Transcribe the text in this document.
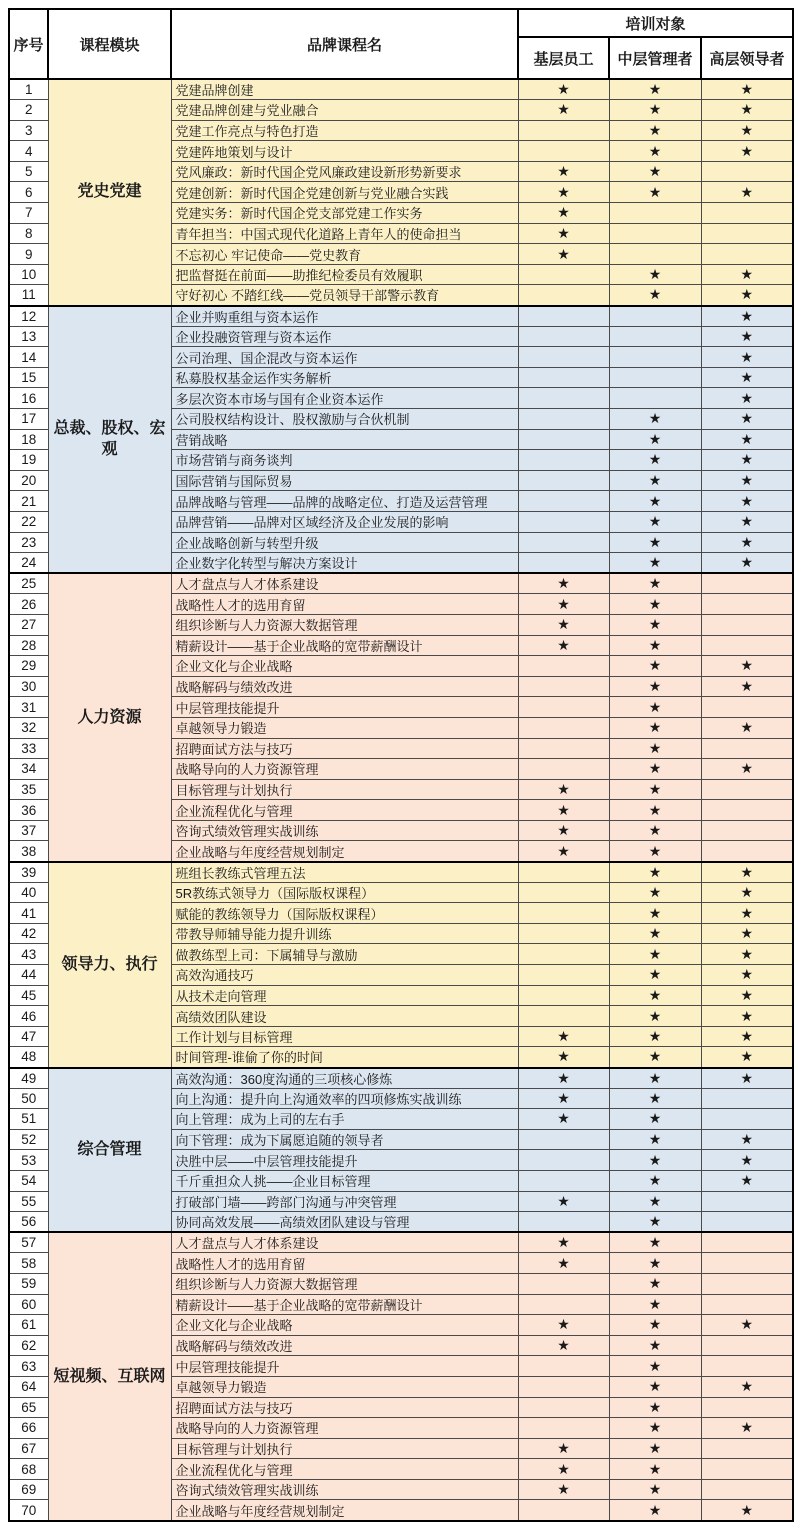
序号	课程模块	品牌课程名	培训对象		
			基层员工	中层管理者	高层领导者
1	党史党建	党建品牌创建	★	★	★
2		党建品牌创建与党业融合	★	★	★
3		党建工作亮点与特色打造		★	★
4		党建阵地策划与设计		★	★
5		党风廉政：新时代国企党风廉政建设新形势新要求	★	★	
6		党建创新：新时代国企党建创新与党业融合实践	★	★	★
7		党建实务：新时代国企党支部党建工作实务	★		
8		青年担当：中国式现代化道路上青年人的使命担当	★		
9		不忘初心 牢记使命——党史教育	★		
10		把监督挺在前面——助推纪检委员有效履职		★	★
11		守好初心 不踏红线——党员领导干部警示教育		★	★
12	总裁、股权、宏观	企业并购重组与资本运作			★
13		企业投融资管理与资本运作			★
14		公司治理、国企混改与资本运作			★
15		私募股权基金运作实务解析			★
16		多层次资本市场与国有企业资本运作			★
17		公司股权结构设计、股权激励与合伙机制		★	★
18		营销战略		★	★
19		市场营销与商务谈判		★	★
20		国际营销与国际贸易		★	★
21		品牌战略与管理——品牌的战略定位、打造及运营管理		★	★
22		品牌营销——品牌对区域经济及企业发展的影响		★	★
23		企业战略创新与转型升级		★	★
24		企业数字化转型与解决方案设计		★	★
25	人力资源	人才盘点与人才体系建设	★	★	
26		战略性人才的选用育留	★	★	
27		组织诊断与人力资源大数据管理	★	★	
28		精薪设计——基于企业战略的宽带薪酬设计	★	★	
29		企业文化与企业战略		★	★
30		战略解码与绩效改进		★	★
31		中层管理技能提升		★	
32		卓越领导力锻造		★	★
33		招聘面试方法与技巧		★	
34		战略导向的人力资源管理		★	★
35		目标管理与计划执行	★	★	
36		企业流程优化与管理	★	★	
37		咨询式绩效管理实战训练	★	★	
38		企业战略与年度经营规划制定	★	★	
39	领导力、执行	班组长教练式管理五法		★	★
40		5R教练式领导力（国际版权课程）		★	★
41		赋能的教练领导力（国际版权课程）		★	★
42		带教导师辅导能力提升训练		★	★
43		做教练型上司：下属辅导与激励		★	★
44		高效沟通技巧		★	★
45		从技术走向管理		★	★
46		高绩效团队建设		★	★
47		工作计划与目标管理	★	★	★
48		时间管理-谁偷了你的时间	★	★	★
49	综合管理	高效沟通：360度沟通的三项核心修炼	★	★	★
50		向上沟通：提升向上沟通效率的四项修炼实战训练	★	★	
51		向上管理：成为上司的左右手	★	★	
52		向下管理：成为下属愿追随的领导者		★	★
53		决胜中层——中层管理技能提升		★	★
54		千斤重担众人挑——企业目标管理		★	★
55		打破部门墙——跨部门沟通与冲突管理	★	★	
56		协同高效发展——高绩效团队建设与管理		★	
57	短视频、互联网	人才盘点与人才体系建设	★	★	
58		战略性人才的选用育留	★	★	
59		组织诊断与人力资源大数据管理		★	
60		精薪设计——基于企业战略的宽带薪酬设计		★	
61		企业文化与企业战略	★	★	★
62		战略解码与绩效改进	★	★	
63		中层管理技能提升		★	
64		卓越领导力锻造		★	★
65		招聘面试方法与技巧		★	
66		战略导向的人力资源管理		★	★
67		目标管理与计划执行	★	★	
68		企业流程优化与管理	★	★	
69		咨询式绩效管理实战训练	★	★	
70		企业战略与年度经营规划制定		★	★
